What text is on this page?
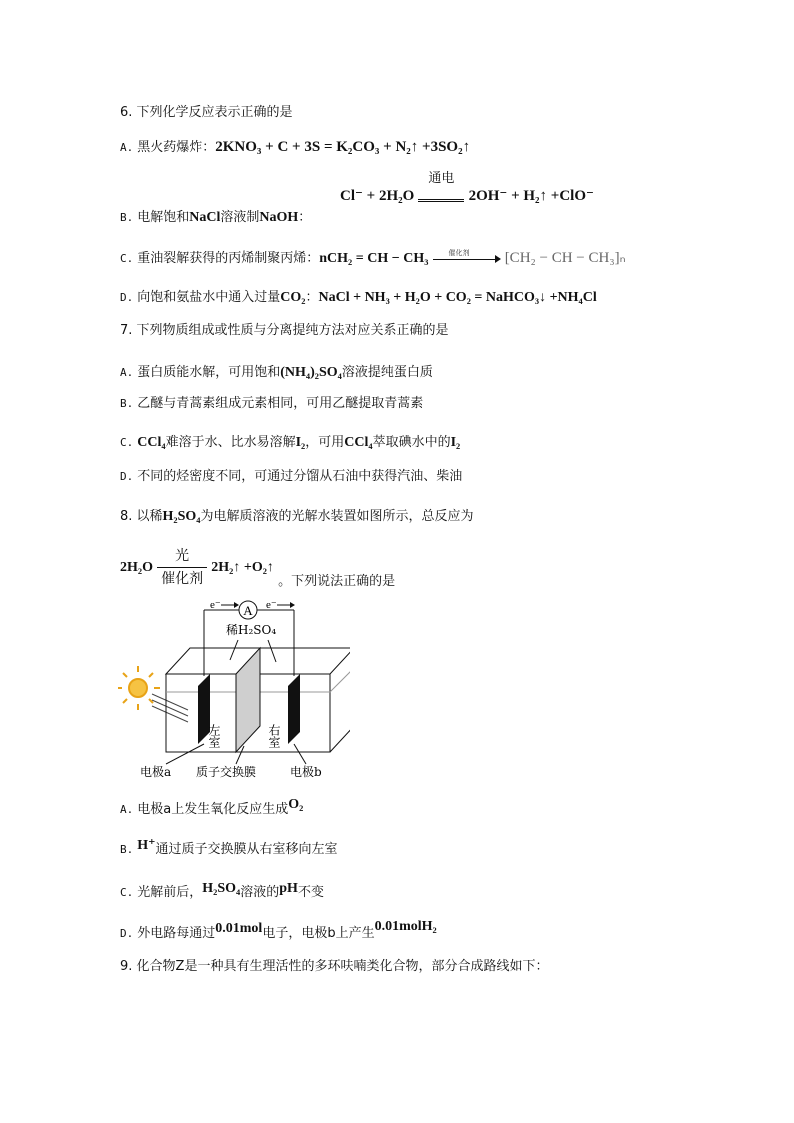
6. 下列化学反应表示正确的是
A. 黑火药爆炸：2KNO₃ + C + 3S = K₂CO₃ + N₂↑ +3SO₂↑
Cl⁻ + 2H₂O
通电
2OH⁻ + H₂↑ +ClO⁻
B. 电解饱和NaCl溶液制NaOH：
C. 重油裂解获得的丙烯制聚丙烯：nCH₂ = CH − CH₃	催化剂 [CH₂ − CH − CH₃]ₙ
D. 向饱和氨盐水中通入过量CO₂：NaCl + NH₃ + H₂O + CO₂ = NaHCO₃↓ +NH₄Cl
7. 下列物质组成或性质与分离提纯方法对应关系正确的是
A. 蛋白质能水解，可用饱和(NH₄)₂SO₄溶液提纯蛋白质
B. 乙醚与青蒿素组成元素相同，可用乙醚提取青蒿素
C. CCl₄难溶于水、比水易溶解I₂，可用CCl₄萃取碘水中的I₂
D. 不同的烃密度不同，可通过分馏从石油中获得汽油、柴油
8. 以稀H₂SO₄为电解质溶液的光解水装置如图所示，总反应为
$2H_2O \frac{\text{光}}{\text{催化剂}}$ 2H₂↑ +O₂↑ 。下列说法正确的是
A
e⁻	e⁻
稀H₂SO₄
左室	右室
电极a 质子交换膜	电极b
A. 电极a上发生氧化反应生成O₂
B. H⁺通过质子交换膜从右室移向左室
C. 光解前后，H₂SO₄溶液的pH不变
D. 外电路每通过0.01mol电子，电极b上产生0.01molH₂
9. 化合物Z是一种具有生理活性的多环呋喃类化合物，部分合成路线如下：
